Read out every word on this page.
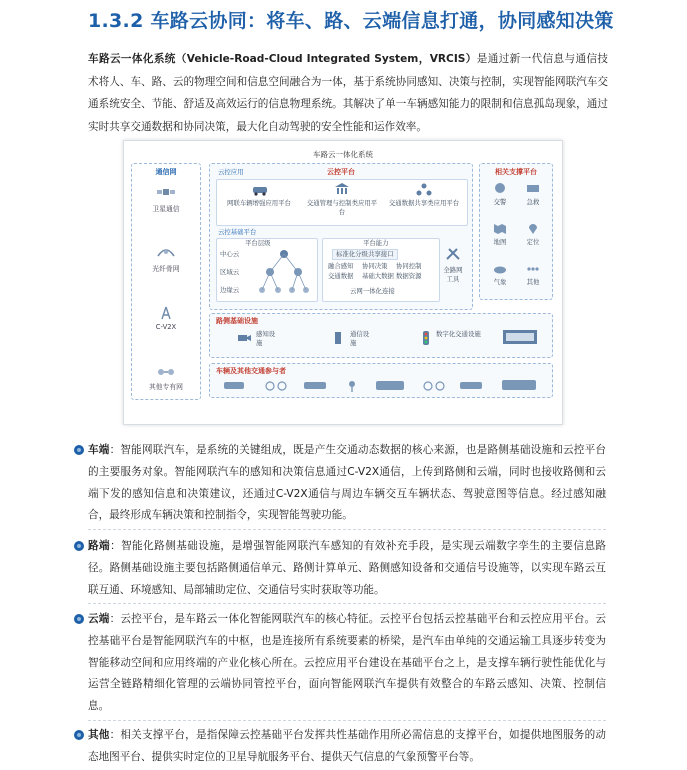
1.3.2 车路云协同：将车、路、云端信息打通，协同感知决策
车路云一体化系统（Vehicle-Road-Cloud Integrated System，VRCIS）是通过新一代信息与通信技术将人、车、路、云的物理空间和信息空间融合为一体，基于系统协同感知、决策与控制，实现智能网联汽车交通系统安全、节能、舒适及高效运行的信息物理系统。其解决了单一车辆感知能力的限制和信息孤岛现象，通过实时共享交通数据和协同决策，最大化自动驾驶的安全性能和运作效率。
车路云一体化系统
通信网
卫星通信
光纤骨网
C-V2X
其他专有网
云控平台
云控应用
网联车辆增强应用平台	交通管理与控制类应用平台
交通数据共享类应用平台
云控基础平台
平台层级
中心云
区域云
边缘云
平台能力
标准化分级共享接口
融合感知 协同决策 协同控制
交通数据 基础大数据 数据资源
云网一体化连接
全路网工具
相关支撑平台
交警	急救
地图	定位
气象	其他
路侧基础设施
感知设施
通信设施
数字化交通设施
车辆及其他交通参与者
车端：智能网联汽车，是系统的关键组成，既是产生交通动态数据的核心来源，也是路侧基础设施和云控平台的主要服务对象。智能网联汽车的感知和决策信息通过C-V2X通信，上传到路侧和云端，同时也接收路侧和云端下发的感知信息和决策建议，还通过C-V2X通信与周边车辆交互车辆状态、驾驶意图等信息。经过感知融合，最终形成车辆决策和控制指令，实现智能驾驶功能。
路端：智能化路侧基础设施，是增强智能网联汽车感知的有效补充手段，是实现云端数字孪生的主要信息路径。路侧基础设施主要包括路侧通信单元、路侧计算单元、路侧感知设备和交通信号设施等，以实现车路云互联互通、环境感知、局部辅助定位、交通信号实时获取等功能。
云端：云控平台，是车路云一体化智能网联汽车的核心特征。云控平台包括云控基础平台和云控应用平台。云控基础平台是智能网联汽车的中枢，也是连接所有系统要素的桥梁，是汽车由单纯的交通运输工具逐步转变为智能移动空间和应用终端的产业化核心所在。云控应用平台建设在基础平台之上，是支撑车辆行驶性能优化与运营全链路精细化管理的云端协同管控平台，面向智能网联汽车提供有效整合的车路云感知、决策、控制信息。
其他：相关支撑平台，是指保障云控基础平台发挥共性基础作用所必需信息的支撑平台，如提供地图服务的动态地图平台、提供实时定位的卫星导航服务平台、提供天气信息的气象预警平台等。
